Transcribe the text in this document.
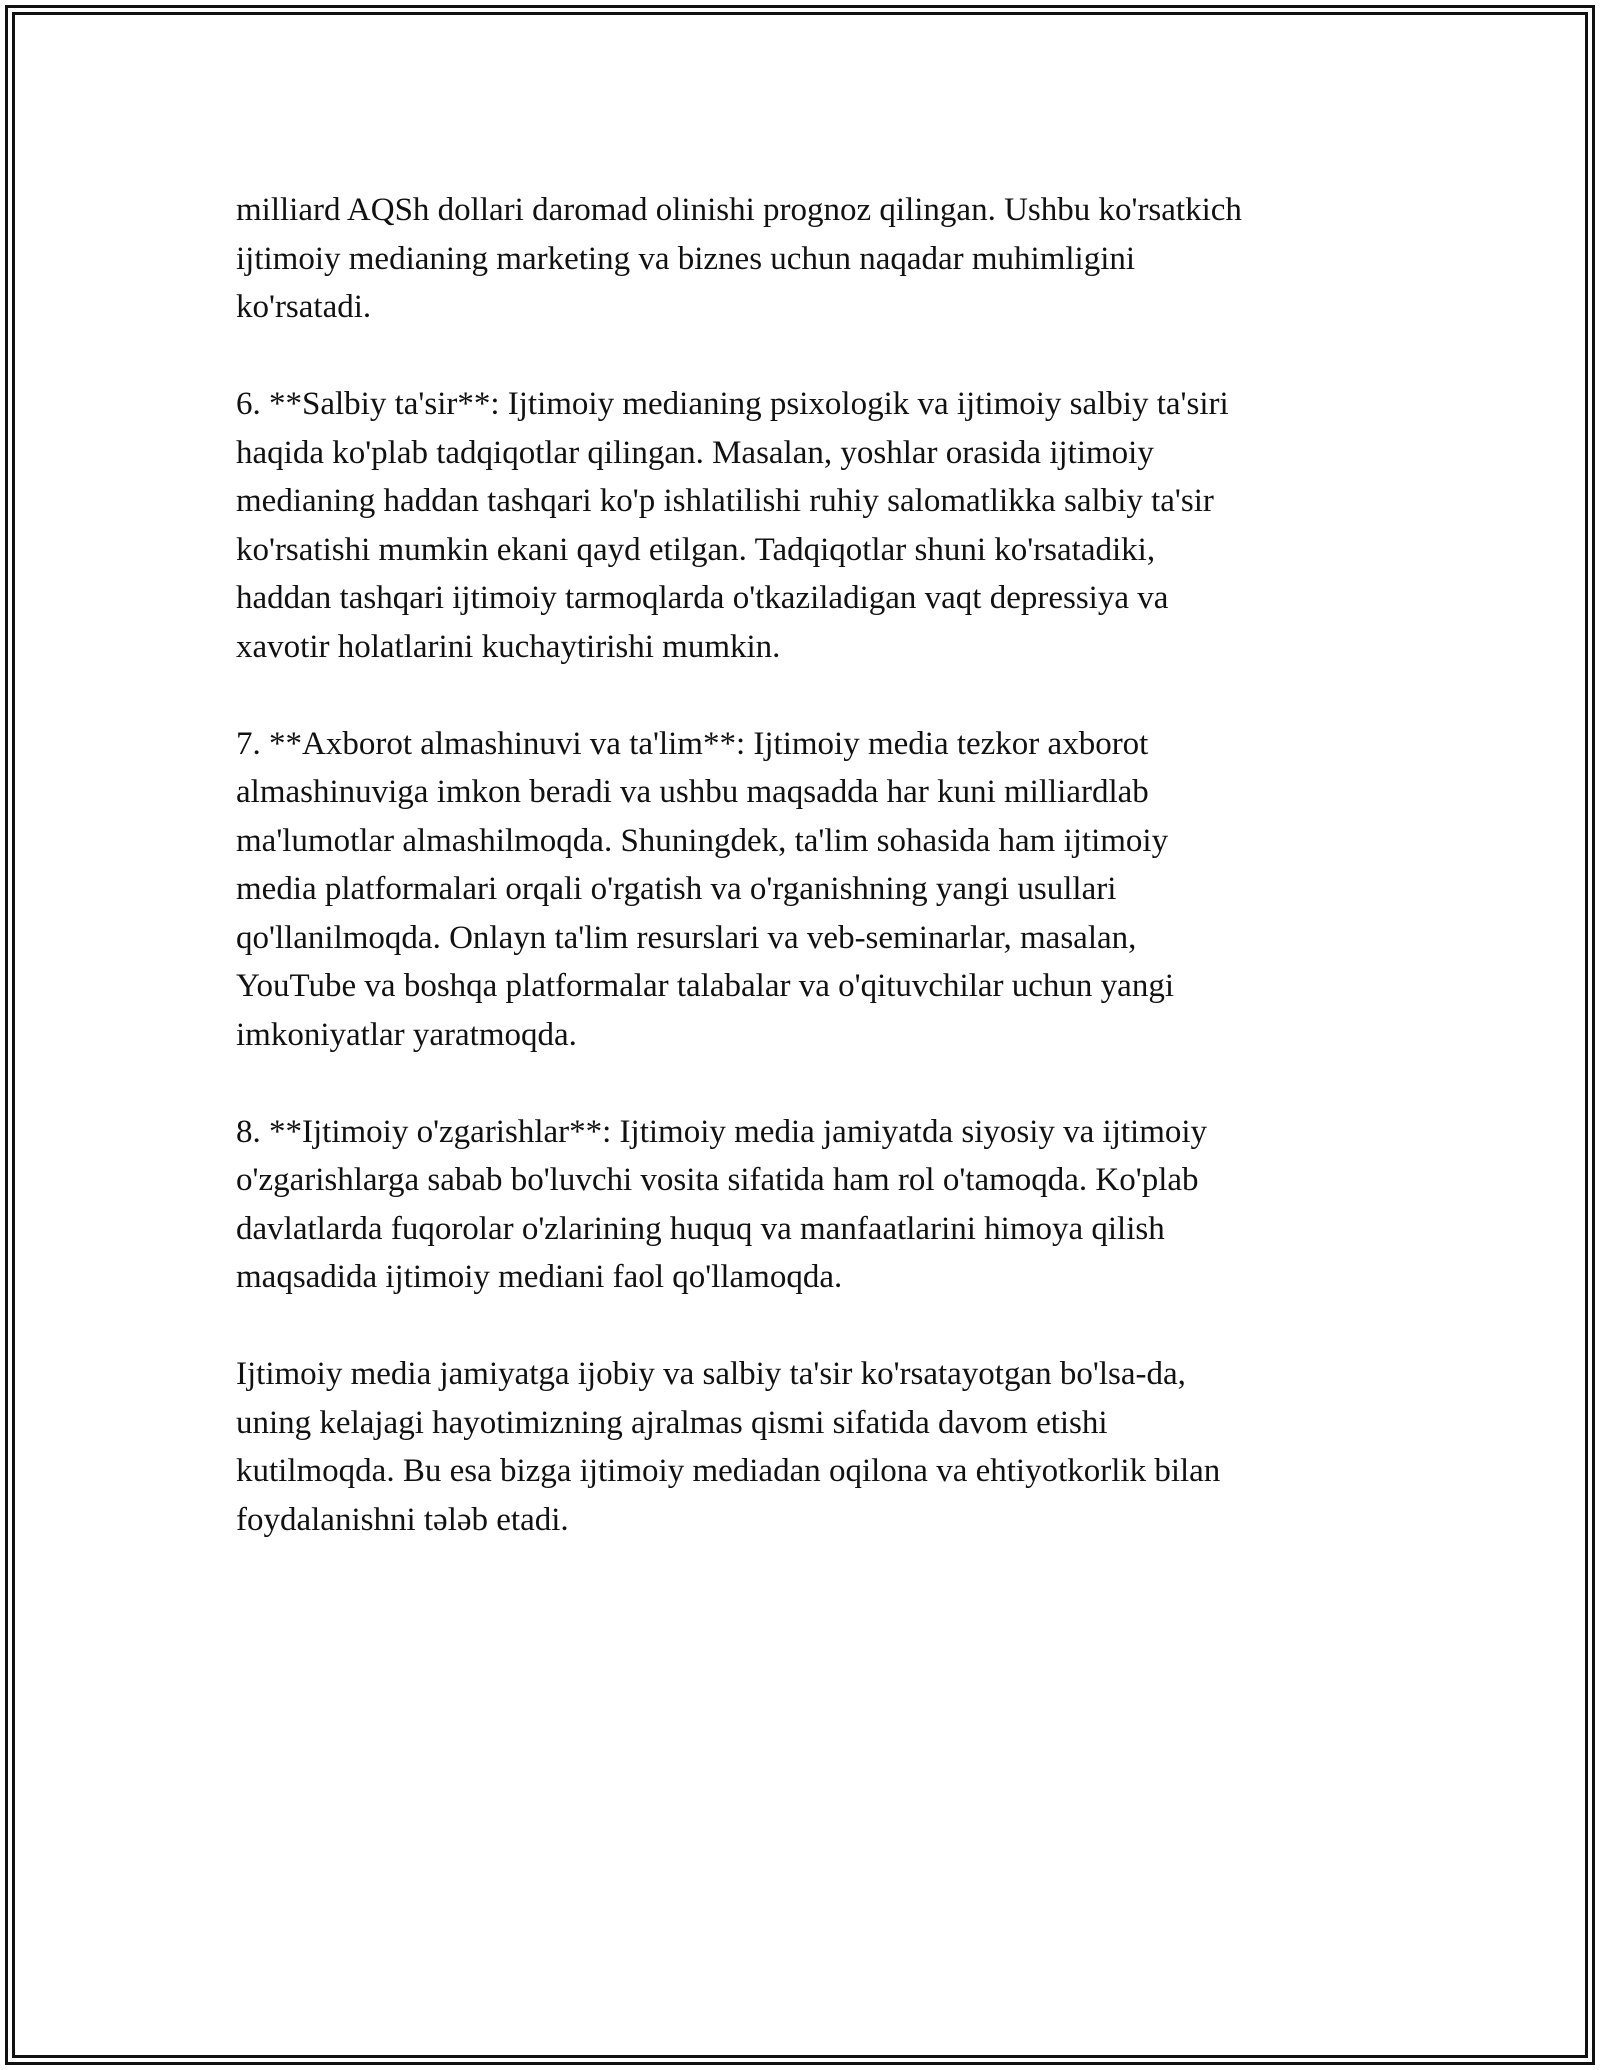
milliard AQSh dollari daromad olinishi prognoz qilingan. Ushbu ko'rsatkich
ijtimoiy medianing marketing va biznes uchun naqadar muhimligini
ko'rsatadi.

6. **Salbiy ta'sir**: Ijtimoiy medianing psixologik va ijtimoiy salbiy ta'siri
haqida ko'plab tadqiqotlar qilingan. Masalan, yoshlar orasida ijtimoiy
medianing haddan tashqari ko'p ishlatilishi ruhiy salomatlikka salbiy ta'sir
ko'rsatishi mumkin ekani qayd etilgan. Tadqiqotlar shuni ko'rsatadiki,
haddan tashqari ijtimoiy tarmoqlarda o'tkaziladigan vaqt depressiya va
xavotir holatlarini kuchaytirishi mumkin.

7. **Axborot almashinuvi va ta'lim**: Ijtimoiy media tezkor axborot
almashinuviga imkon beradi va ushbu maqsadda har kuni milliardlab
ma'lumotlar almashilmoqda. Shuningdek, ta'lim sohasida ham ijtimoiy
media platformalari orqali o'rgatish va o'rganishning yangi usullari
qo'llanilmoqda. Onlayn ta'lim resurslari va veb-seminarlar, masalan,
YouTube va boshqa platformalar talabalar va o'qituvchilar uchun yangi
imkoniyatlar yaratmoqda.

8. **Ijtimoiy o'zgarishlar**: Ijtimoiy media jamiyatda siyosiy va ijtimoiy
o'zgarishlarga sabab bo'luvchi vosita sifatida ham rol o'tamoqda. Ko'plab
davlatlarda fuqorolar o'zlarining huquq va manfaatlarini himoya qilish
maqsadida ijtimoiy mediani faol qo'llamoqda.

Ijtimoiy media jamiyatga ijobiy va salbiy ta'sir ko'rsatayotgan bo'lsa-da,
uning kelajagi hayotimizning ajralmas qismi sifatida davom etishi
kutilmoqda. Bu esa bizga ijtimoiy mediadan oqilona va ehtiyotkorlik bilan
foydalanishni tələb etadi.
